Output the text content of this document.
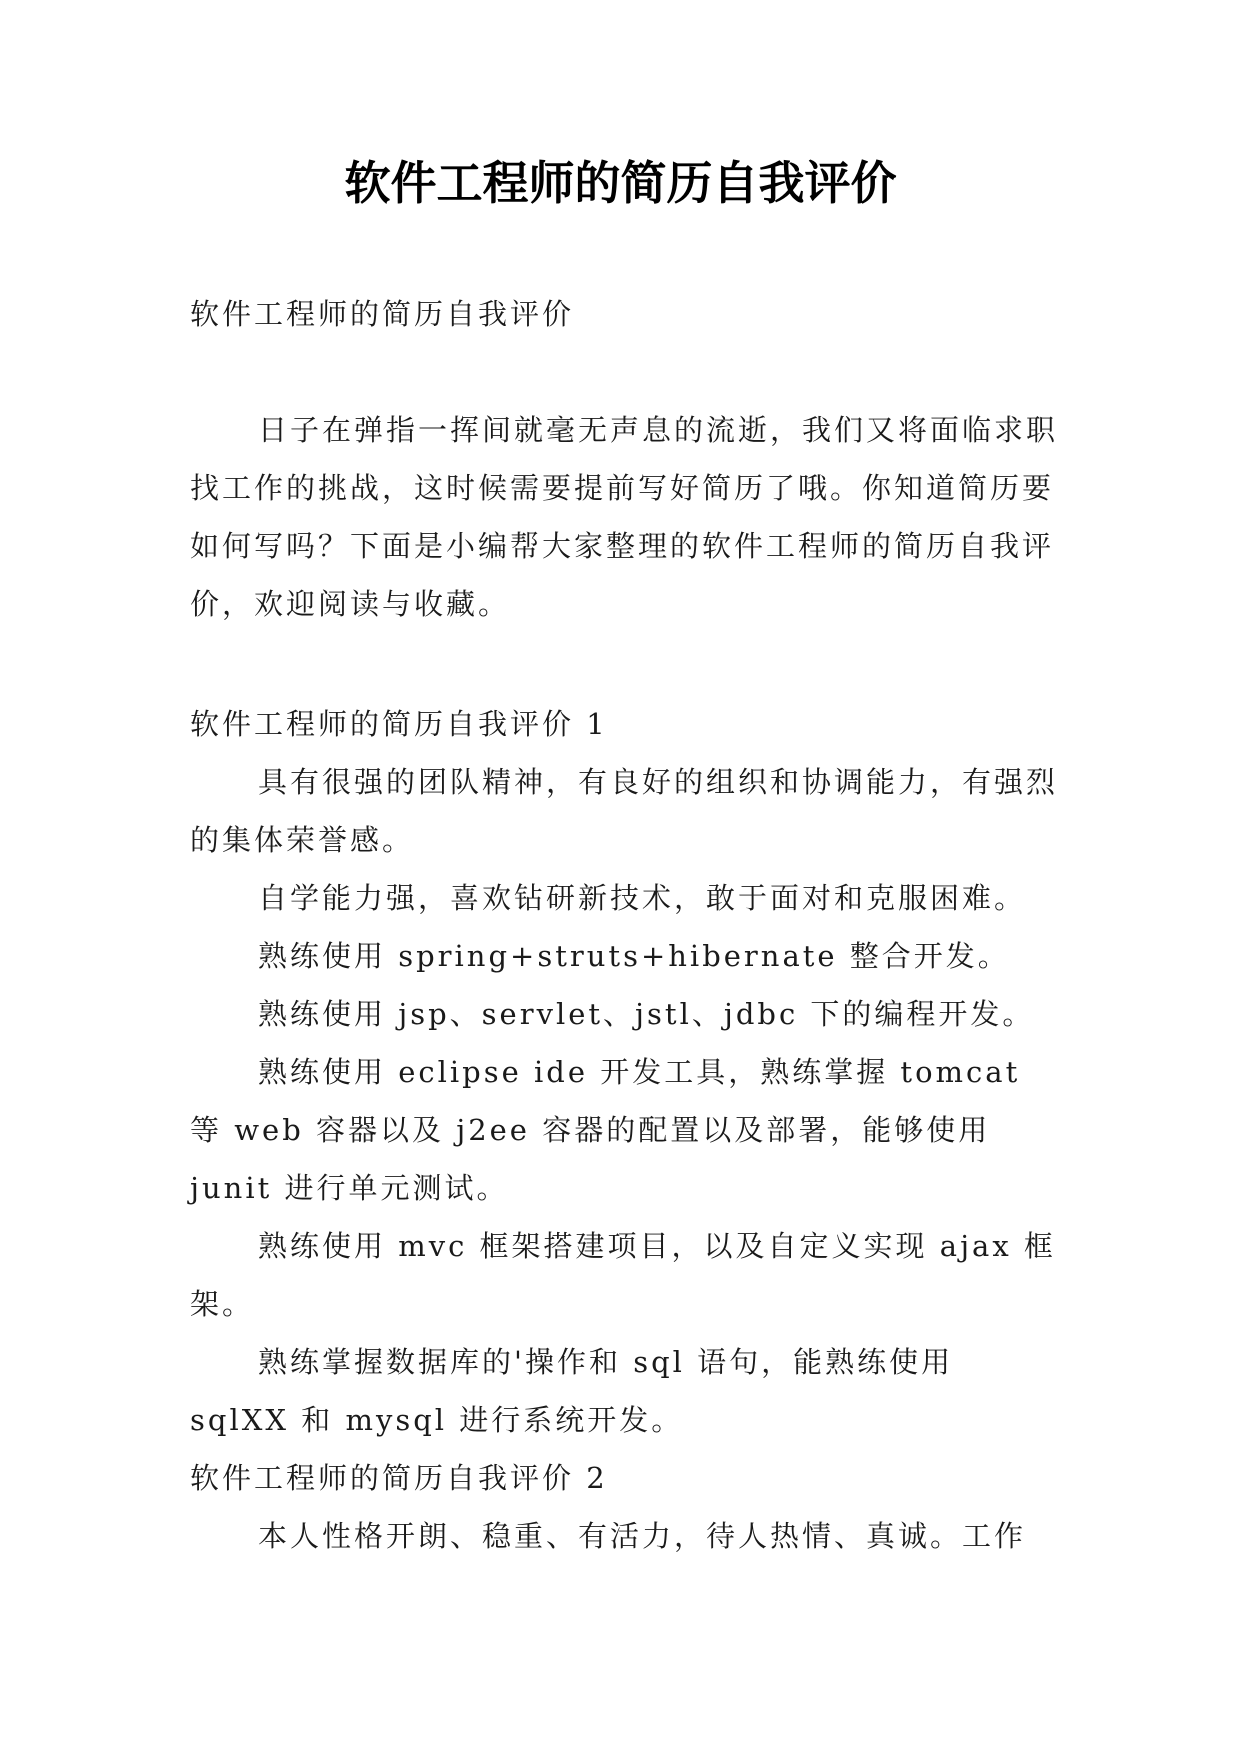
软件工程师的简历自我评价

软件工程师的简历自我评价

日子在弹指一挥间就毫无声息的流逝，我们又将面临求职找工作的挑战，这时候需要提前写好简历了哦。你知道简历要如何写吗？下面是小编帮大家整理的软件工程师的简历自我评价，欢迎阅读与收藏。

软件工程师的简历自我评价 1

具有很强的团队精神，有良好的组织和协调能力，有强烈的集体荣誉感。

自学能力强，喜欢钻研新技术，敢于面对和克服困难。

熟练使用 spring+struts+hibernate 整合开发。

熟练使用 jsp、servlet、jstl、jdbc 下的编程开发。

熟练使用 eclipse ide 开发工具，熟练掌握 tomcat 等 web 容器以及 j2ee 容器的配置以及部署，能够使用 junit 进行单元测试。

熟练使用 mvc 框架搭建项目，以及自定义实现 ajax 框架。

熟练掌握数据库的'操作和 sql 语句，能熟练使用 sqlXX 和 mysql 进行系统开发。

软件工程师的简历自我评价 2

本人性格开朗、稳重、有活力，待人热情、真诚。工作
